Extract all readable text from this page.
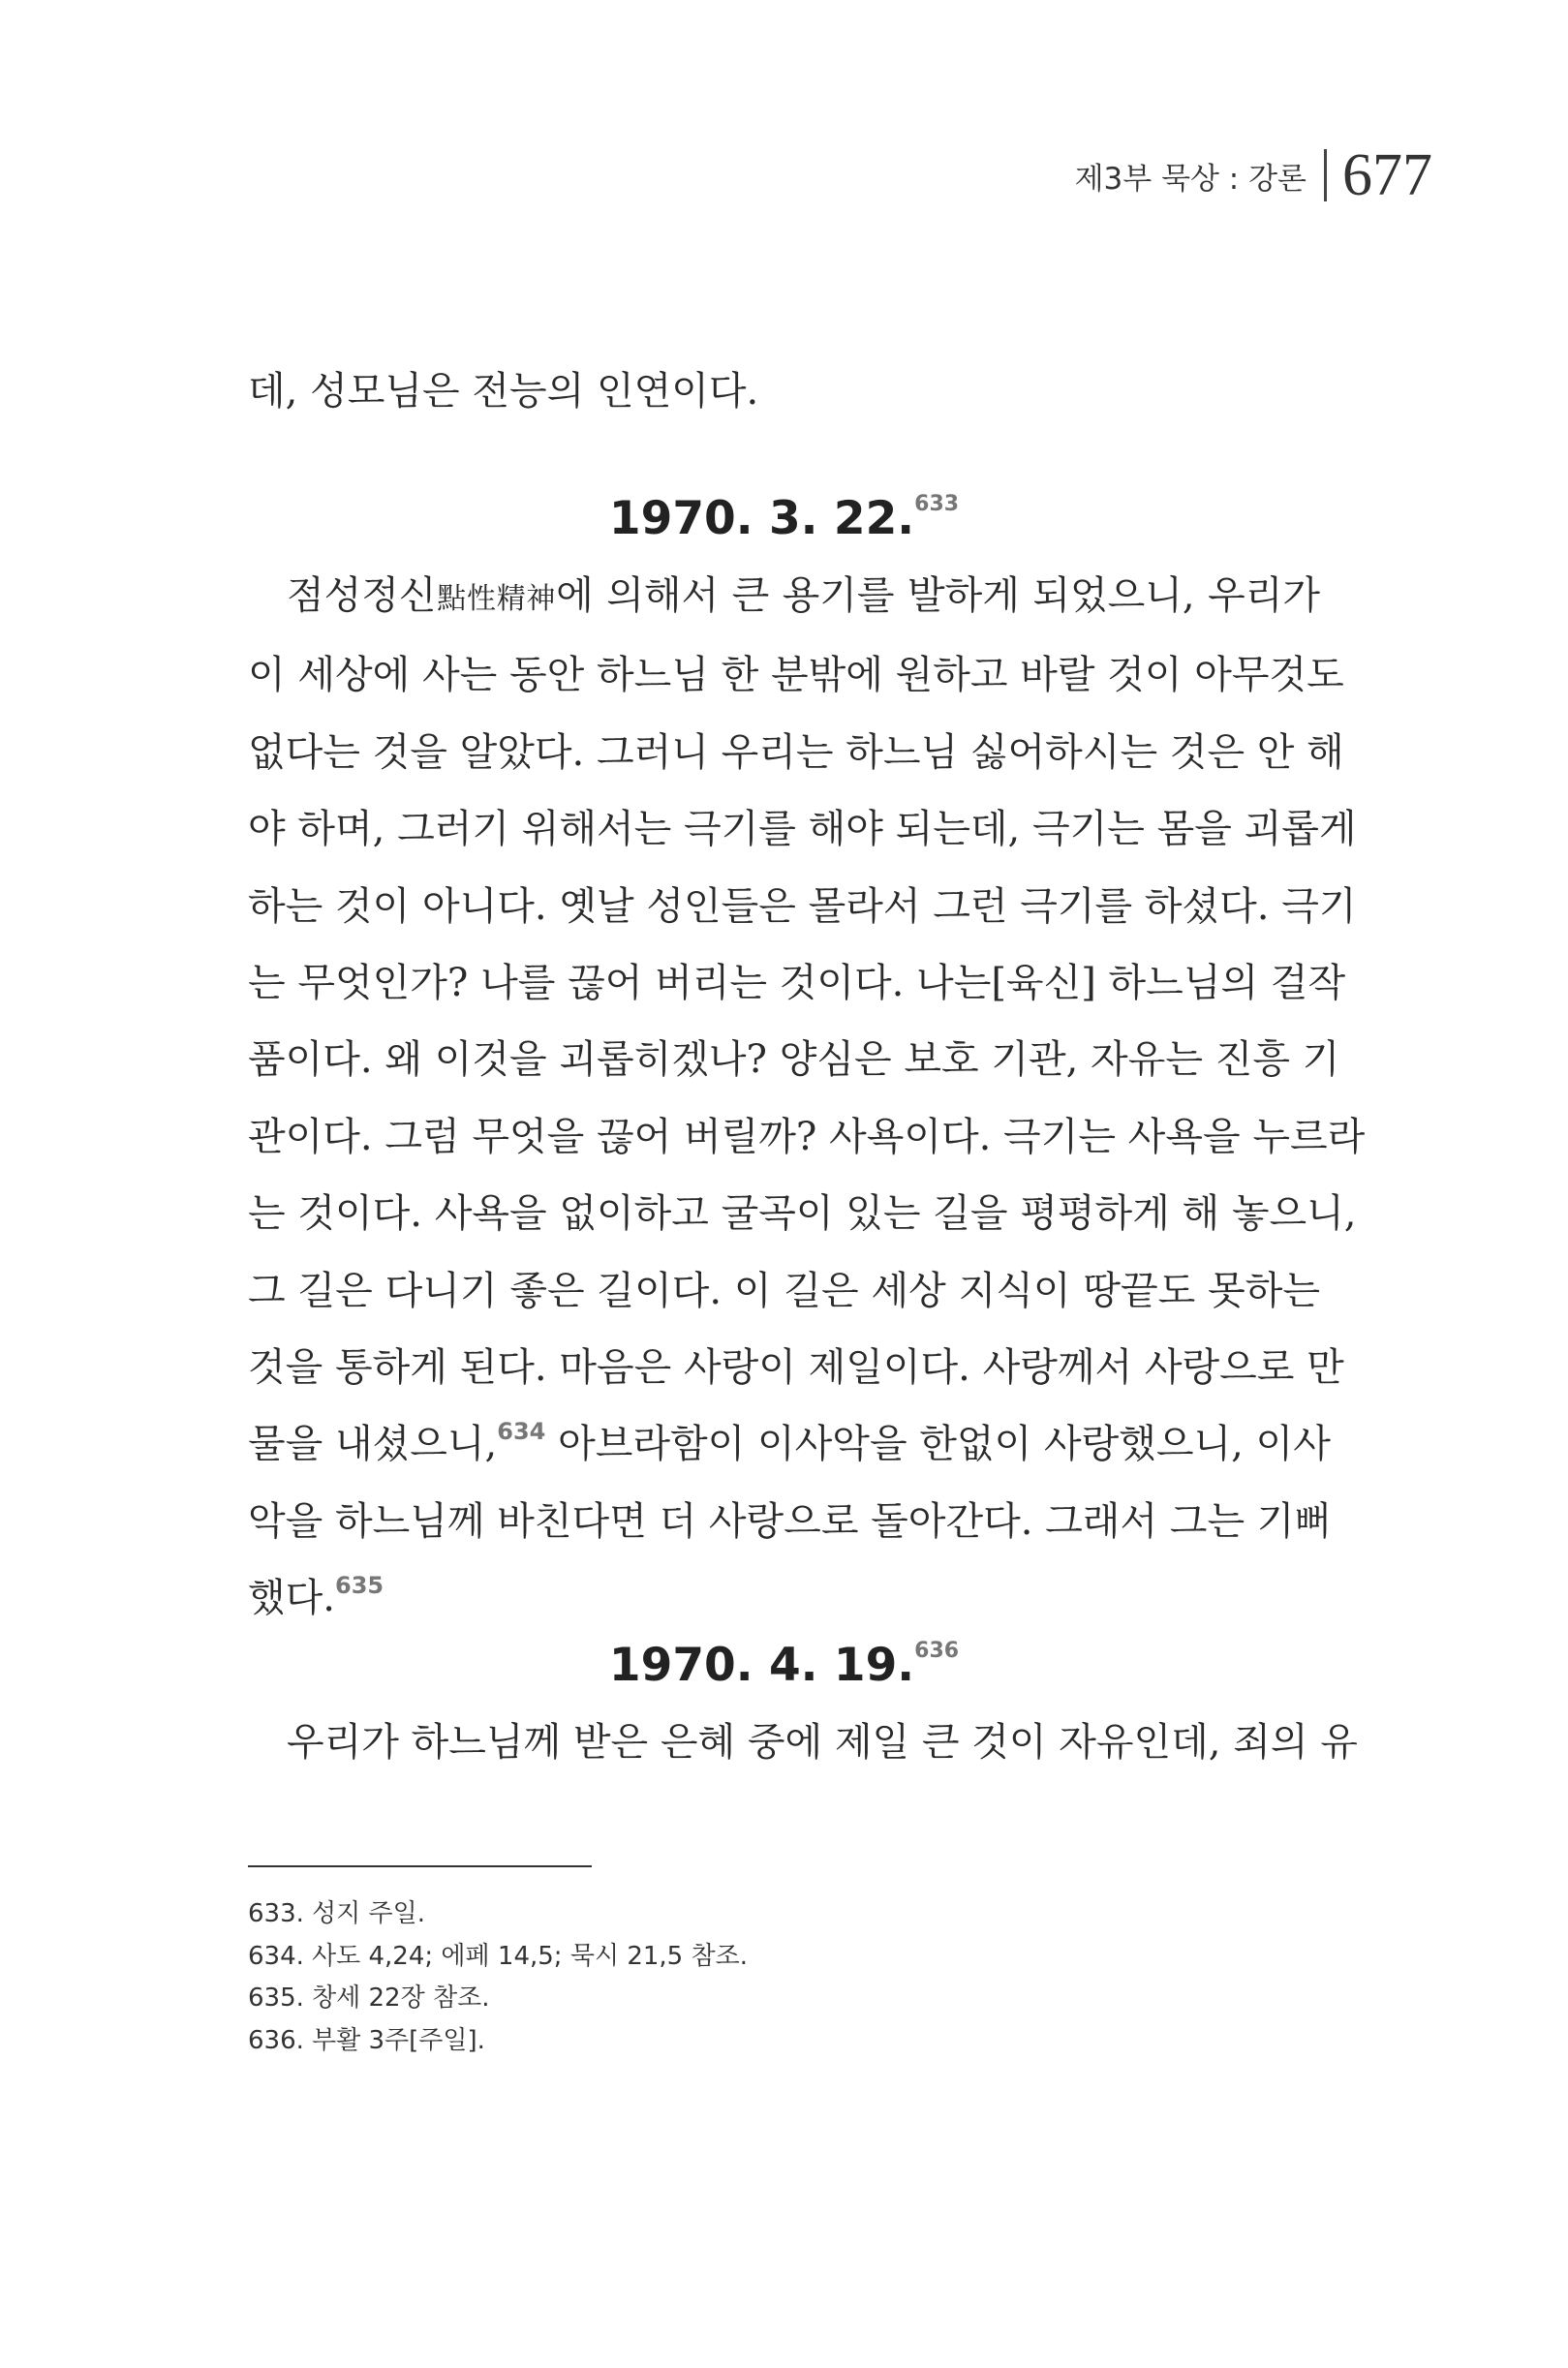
제3부 묵상 : 강론 677

데, 성모님은 전능의 인연이다.

1970. 3. 22.$^{633}$

점성정신點性精神에 의해서 큰 용기를 발하게 되었으니, 우리가
이 세상에 사는 동안 하느님 한 분밖에 원하고 바랄 것이 아무것도
없다는 것을 알았다. 그러니 우리는 하느님 싫어하시는 것은 안 해
야 하며, 그러기 위해서는 극기를 해야 되는데, 극기는 몸을 괴롭게
하는 것이 아니다. 옛날 성인들은 몰라서 그런 극기를 하셨다. 극기
는 무엇인가? 나를 끊어 버리는 것이다. 나는[육신] 하느님의 걸작
품이다. 왜 이것을 괴롭히겠나? 양심은 보호 기관, 자유는 진흥 기
관이다. 그럼 무엇을 끊어 버릴까? 사욕이다. 극기는 사욕을 누르라
는 것이다. 사욕을 없이하고 굴곡이 있는 길을 평평하게 해 놓으니,
그 길은 다니기 좋은 길이다. 이 길은 세상 지식이 땅끝도 못하는
것을 통하게 된다. 마음은 사랑이 제일이다. 사랑께서 사랑으로 만
물을 내셨으니,$^{634}$ 아브라함이 이사악을 한없이 사랑했으니, 이사
악을 하느님께 바친다면 더 사랑으로 돌아간다. 그래서 그는 기뻐
했다.$^{635}$

1970. 4. 19.$^{636}$

우리가 하느님께 받은 은혜 중에 제일 큰 것이 자유인데, 죄의 유

633. 성지 주일.
634. 사도 4,24; 에페 14,5; 묵시 21,5 참조.
635. 창세 22장 참조.
636. 부활 3주[주일].
